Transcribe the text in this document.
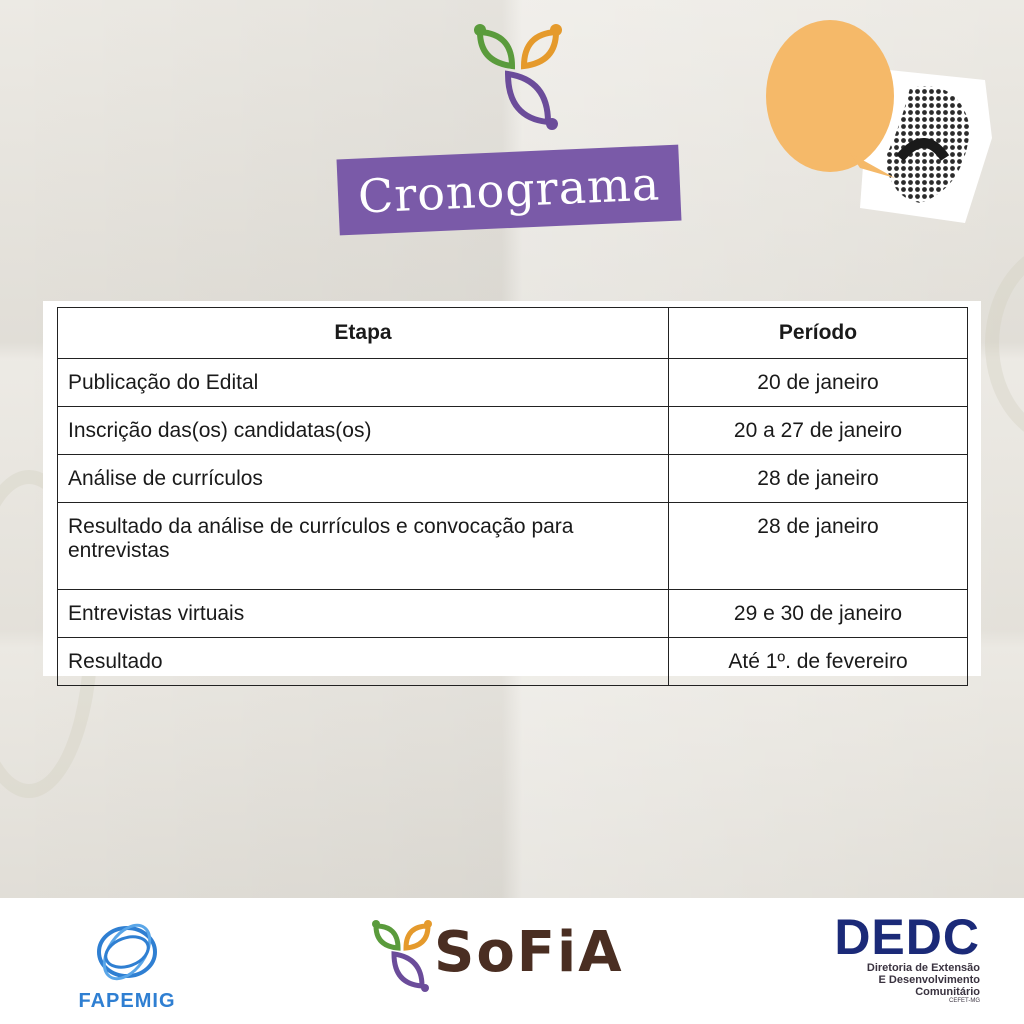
Cronograma
Etapa	Período
Publicação do Edital	20 de janeiro
Inscrição das(os) candidatas(os)	20 a 27 de janeiro
Análise de currículos	28 de janeiro
Resultado da análise de currículos e convocação para entrevistas	28 de janeiro
Entrevistas virtuais	29 e 30 de janeiro
Resultado	Até 1º. de fevereiro
FAPEMIG
SoFiA	DEDC
Diretoria de Extensão
E Desenvolvimento
Comunitário
CEFET-MG
